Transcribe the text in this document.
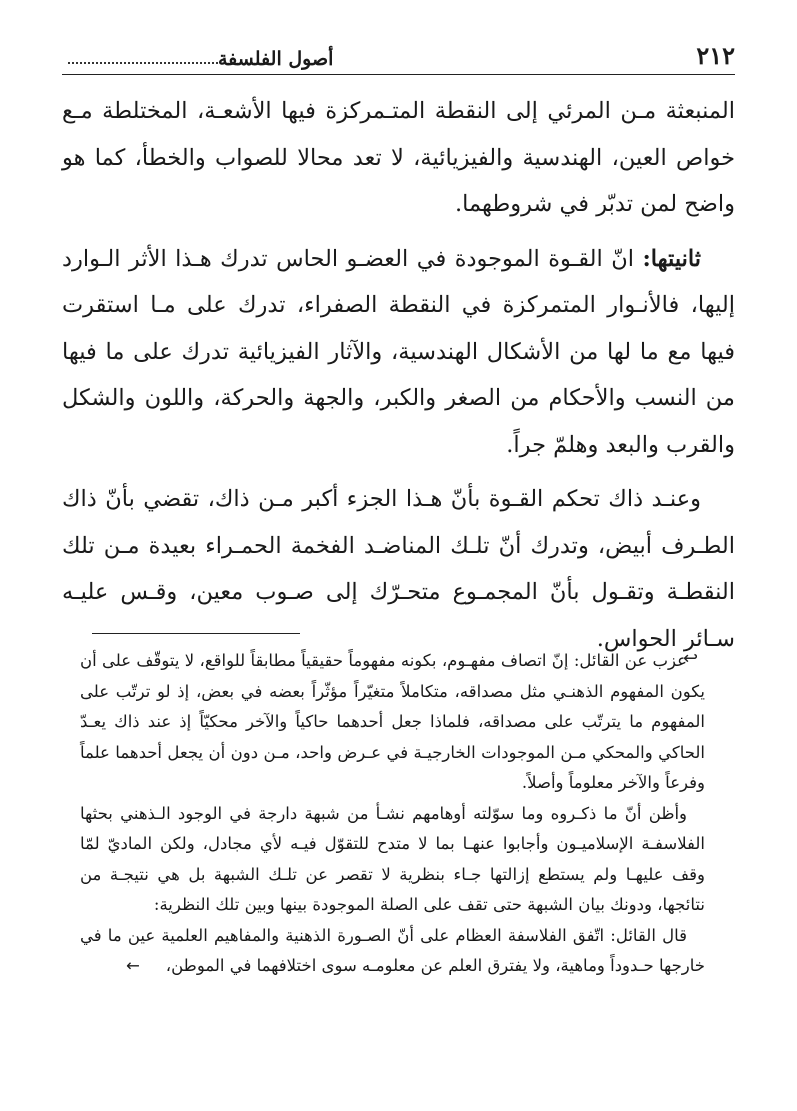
٢١٢
أصول الفلسفة

المنبعثة مـن المرئي إلى النقطة المتـمركزة فيها الأشعـة، المختلطة مـع خواص العين، الهندسية والفيزيائية، لا تعد محالا للصواب والخطأ، كما هو واضح لمن تدبّر في شروطهما.

ثانيتها: انّ القـوة الموجودة في العضـو الحاس تدرك هـذا الأثر الـوارد إليها، فالأنـوار المتمركزة في النقطة الصفراء، تدرك على مـا استقرت فيها مع ما لها من الأشكال الهندسية، والآثار الفيزيائية تدرك على ما فيها من النسب والأحكام من الصغر والكبر، والجهة والحركة، واللون والشكل والقرب والبعد وهلمّ جراً.

وعنـد ذاك تحكم القـوة بأنّ هـذا الجزء أكبر مـن ذاك، تقضي بأنّ ذاك الطـرف أبيض، وتدرك أنّ تلـك المناضـد الفخمة الحمـراء بعيدة مـن تلك النقطـة وتقـول بأنّ المجمـوع متحـرّك إلى صـوب معين، وقـس عليـه سـائر الحواس.

↩

عزب عن القائل: إنّ اتصاف مفهـوم، بكونه مفهوماً حقيقياً مطابقاً للواقع، لا يتوقّف على أن يكون المفهوم الذهنـي مثل مصداقه، متكاملاً متغيّراً مؤثّراً بعضه في بعض، إذ لو ترتّب على المفهوم ما يترتّب على مصداقه، فلماذا جعل أحدهما حاكياً والآخر محكيّاً إذ عند ذاك يعـدّ الحاكي والمحكي مـن الموجودات الخارجيـة في عـرض واحد، مـن دون أن يجعل أحدهما علماً وفرعاً والآخر معلوماً وأصلاً.

وأظن أنّ ما ذكـروه وما سوّلته أوهامهم نشـأ من شبهة دارجة في الوجود الـذهني بحثها الفلاسفـة الإسلاميـون وأجابوا عنهـا بما لا متدح للتقوّل فيـه لأي مجادل، ولكن الماديّ لمّا وقف عليهـا ولم يستطع إزالتها جـاء بنظرية لا تقصر عن تلـك الشبهة بل هي نتيجـة من نتائجها، ودونك بيان الشبهة حتى تقف على الصلة الموجودة بينها وبين تلك النظرية:

قال القائل: اتّفق الفلاسفة العظام على أنّ الصـورة الذهنية والمفاهيم العلمية عين ما في خارجها حـدوداً وماهية، ولا يفترق العلم عن معلومـه سوى اختلافهما في الموطن،←
